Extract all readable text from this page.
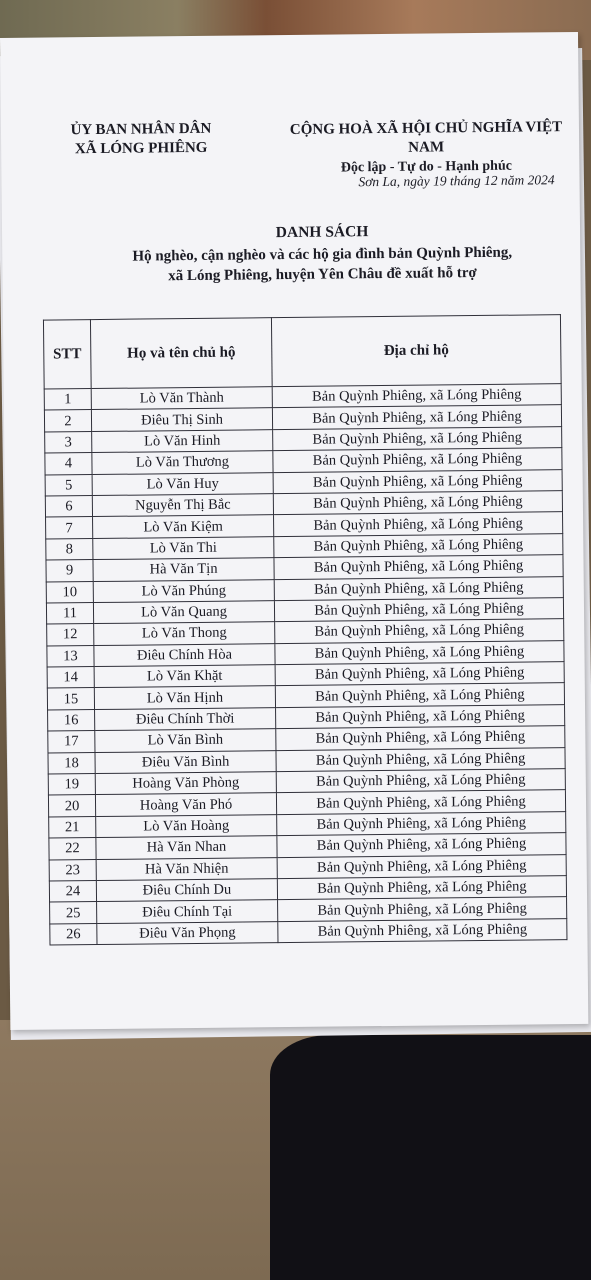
ỦY BAN NHÂN DÂN
XÃ LÓNG PHIÊNG
CỘNG HOÀ XÃ HỘI CHỦ NGHĨA VIỆT NAM
Độc lập - Tự do - Hạnh phúc
Sơn La, ngày 19 tháng 12 năm 2024
DANH SÁCH
Hộ nghèo, cận nghèo và các hộ gia đình bản Quỳnh Phiêng,
xã Lóng Phiêng, huyện Yên Châu đề xuất hỗ trợ
STT	Họ và tên chủ hộ	Địa chỉ hộ
1	Lò Văn Thành	Bản Quỳnh Phiêng, xã Lóng Phiêng
2	Điêu Thị Sinh	Bản Quỳnh Phiêng, xã Lóng Phiêng
3	Lò Văn Hinh	Bản Quỳnh Phiêng, xã Lóng Phiêng
4	Lò Văn Thương	Bản Quỳnh Phiêng, xã Lóng Phiêng
5	Lò Văn Huy	Bản Quỳnh Phiêng, xã Lóng Phiêng
6	Nguyễn Thị Bắc	Bản Quỳnh Phiêng, xã Lóng Phiêng
7	Lò Văn Kiệm	Bản Quỳnh Phiêng, xã Lóng Phiêng
8	Lò Văn Thi	Bản Quỳnh Phiêng, xã Lóng Phiêng
9	Hà Văn Tịn	Bản Quỳnh Phiêng, xã Lóng Phiêng
10	Lò Văn Phúng	Bản Quỳnh Phiêng, xã Lóng Phiêng
11	Lò Văn Quang	Bản Quỳnh Phiêng, xã Lóng Phiêng
12	Lò Văn Thong	Bản Quỳnh Phiêng, xã Lóng Phiêng
13	Điêu Chính Hòa	Bản Quỳnh Phiêng, xã Lóng Phiêng
14	Lò Văn Khặt	Bản Quỳnh Phiêng, xã Lóng Phiêng
15	Lò Văn Hịnh	Bản Quỳnh Phiêng, xã Lóng Phiêng
16	Điêu Chính Thời	Bản Quỳnh Phiêng, xã Lóng Phiêng
17	Lò Văn Bình	Bản Quỳnh Phiêng, xã Lóng Phiêng
18	Điêu Văn Bình	Bản Quỳnh Phiêng, xã Lóng Phiêng
19	Hoàng Văn Phòng	Bản Quỳnh Phiêng, xã Lóng Phiêng
20	Hoàng Văn Phó	Bản Quỳnh Phiêng, xã Lóng Phiêng
21	Lò Văn Hoàng	Bản Quỳnh Phiêng, xã Lóng Phiêng
22	Hà Văn Nhan	Bản Quỳnh Phiêng, xã Lóng Phiêng
23	Hà Văn Nhiện	Bản Quỳnh Phiêng, xã Lóng Phiêng
24	Điêu Chính Du	Bản Quỳnh Phiêng, xã Lóng Phiêng
25	Điêu Chính Tại	Bản Quỳnh Phiêng, xã Lóng Phiêng
26	Điêu Văn Phọng	Bản Quỳnh Phiêng, xã Lóng Phiêng
